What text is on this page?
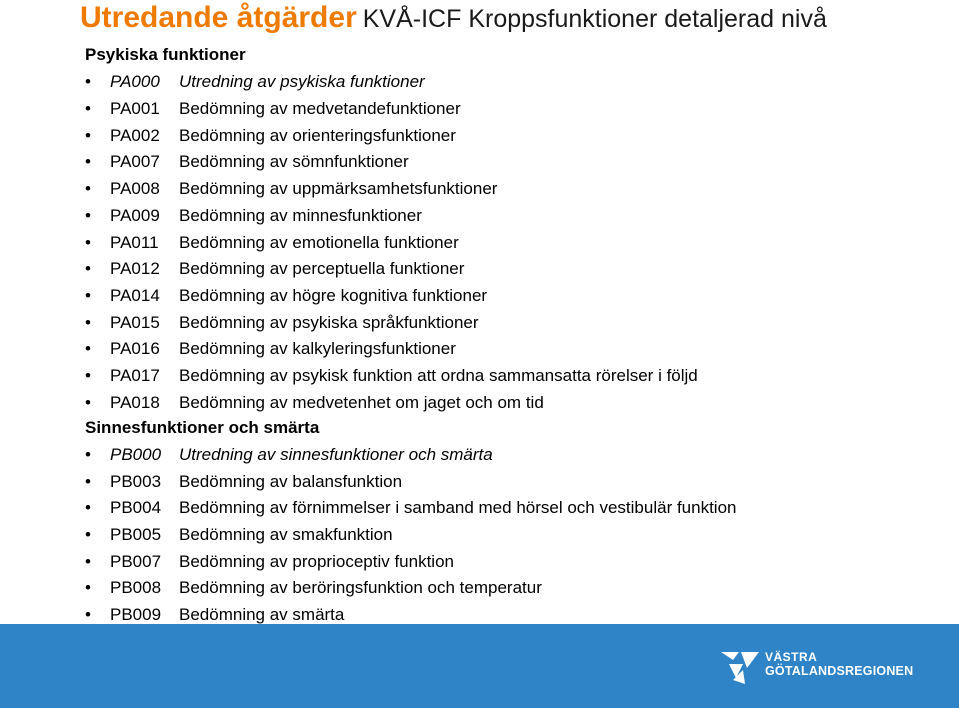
Utredande åtgärder KVÅ-ICF Kroppsfunktioner detaljerad nivå
Psykiska funktioner
• PA000 Utredning av psykiska funktioner
• PA001 Bedömning av medvetandefunktioner
• PA002 Bedömning av orienteringsfunktioner
• PA007 Bedömning av sömnfunktioner
• PA008 Bedömning av uppmärksamhetsfunktioner
• PA009 Bedömning av minnesfunktioner
• PA011 Bedömning av emotionella funktioner
• PA012 Bedömning av perceptuella funktioner
• PA014 Bedömning av högre kognitiva funktioner
• PA015 Bedömning av psykiska språkfunktioner
• PA016 Bedömning av kalkyleringsfunktioner
• PA017 Bedömning av psykisk funktion att ordna sammansatta rörelser i följd
• PA018 Bedömning av medvetenhet om jaget och om tid
Sinnesfunktioner och smärta
• PB000 Utredning av sinnesfunktioner och smärta
• PB003 Bedömning av balansfunktion
• PB004 Bedömning av förnimmelser i samband med hörsel och vestibulär funktion
• PB005 Bedömning av smakfunktion
• PB007 Bedömning av proprioceptiv funktion
• PB008 Bedömning av beröringsfunktion och temperatur
• PB009 Bedömning av smärta
VÄSTRA
GÖTALANDSREGIONEN
